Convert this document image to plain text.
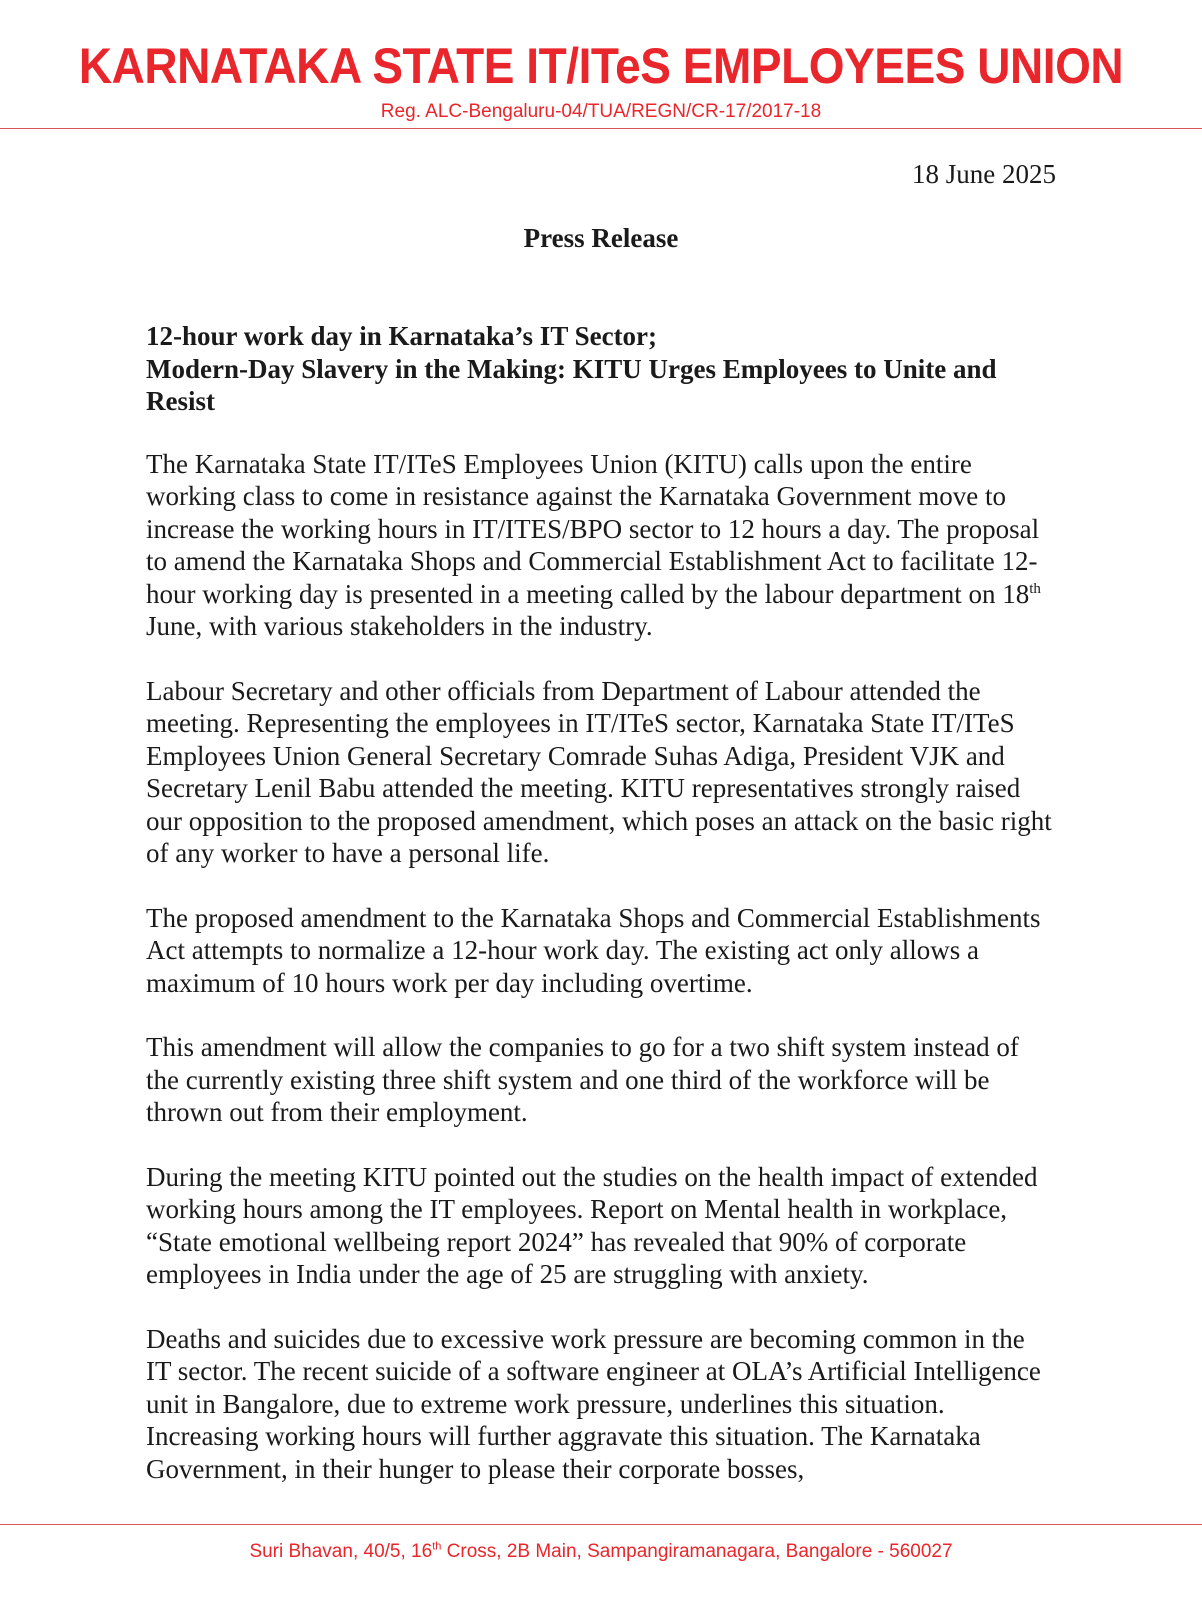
KARNATAKA STATE IT/ITeS EMPLOYEES UNION
Reg. ALC-Bengaluru-04/TUA/REGN/CR-17/2017-18
18 June 2025
Press Release

12-hour work day in Karnataka’s IT Sector;
Modern-Day Slavery in the Making: KITU Urges Employees to Unite and Resist

The Karnataka State IT/ITeS Employees Union (KITU) calls upon the entire working class to come in resistance against the Karnataka Government move to increase the working hours in IT/ITES/BPO sector to 12 hours a day. The proposal to amend the Karnataka Shops and Commercial Establishment Act to facilitate 12-hour working day is presented in a meeting called by the labour department on 18th June, with various stakeholders in the industry.

Labour Secretary and other officials from Department of Labour attended the meeting. Representing the employees in IT/ITeS sector, Karnataka State IT/ITeS Employees Union General Secretary Comrade Suhas Adiga, President VJK and Secretary Lenil Babu attended the meeting. KITU representatives strongly raised our opposition to the proposed amendment, which poses an attack on the basic right of any worker to have a personal life.

The proposed amendment to the Karnataka Shops and Commercial Establishments Act attempts to normalize a 12-hour work day. The existing act only allows a maximum of 10 hours work per day including overtime.

This amendment will allow the companies to go for a two shift system instead of the currently existing three shift system and one third of the workforce will be thrown out from their employment.

During the meeting KITU pointed out the studies on the health impact of extended working hours among the IT employees. Report on Mental health in workplace, “State emotional wellbeing report 2024” has revealed that 90% of corporate employees in India under the age of 25 are struggling with anxiety.

Deaths and suicides due to excessive work pressure are becoming common in the IT sector. The recent suicide of a software engineer at OLA’s Artificial Intelligence unit in Bangalore, due to extreme work pressure, underlines this situation. Increasing working hours will further aggravate this situation. The Karnataka Government, in their hunger to please their corporate bosses,

Suri Bhavan, 40/5, 16th Cross, 2B Main, Sampangiramanagara, Bangalore - 560027
